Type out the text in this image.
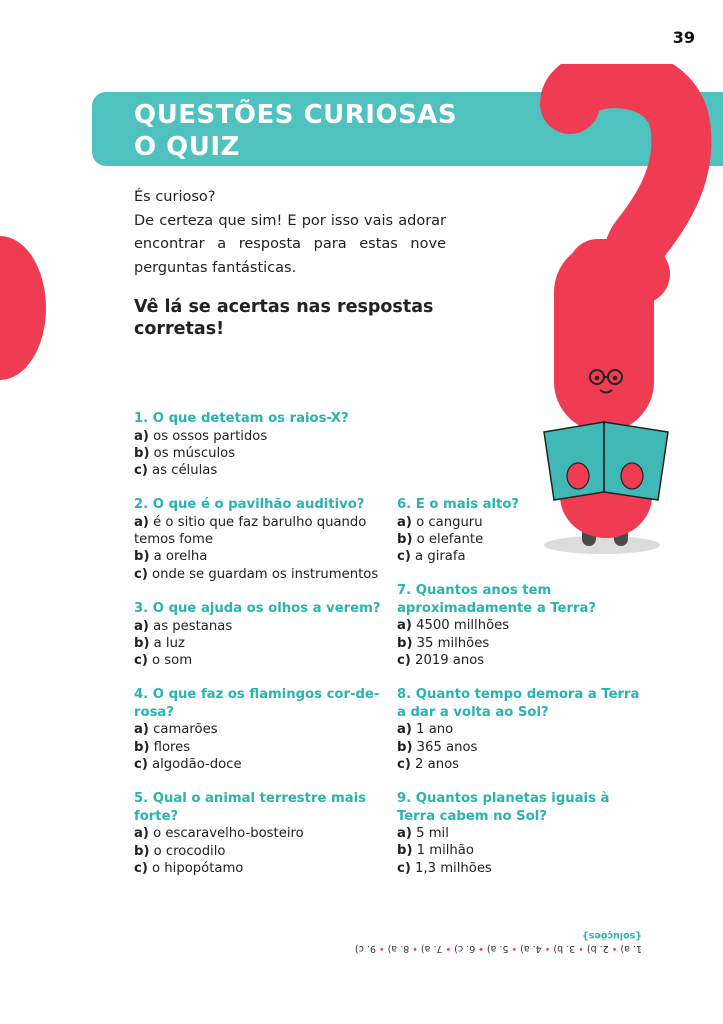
39
QUESTÕES CURIOSAS
O QUIZ

És curioso?

De certeza que sim! E por isso vais adorar encontrar a resposta para estas nove perguntas fantásticas.

Vê lá se acertas nas respostas corretas!

1. O que detetam os raios-X?

a) os ossos partidos

b) os músculos

c) as células

2. O que é o pavilhão auditivo?

a) é o sitio que faz barulho quando temos fome

b) a orelha

c) onde se guardam os instrumentos

3. O que ajuda os olhos a verem?

a) as pestanas

b) a luz

c) o som

4. O que faz os flamingos cor-de-rosa?

a) camarões

b) flores

c) algodão-doce

5. Qual o animal terrestre mais forte?

a) o escaravelho-bosteiro

b) o crocodilo

c) o hipopótamo

6. E o mais alto?

a) o canguru

b) o elefante

c) a girafa

7. Quantos anos tem aproximadamente a Terra?

a) 4500 millhões

b) 35 milhões

c) 2019 anos

8. Quanto tempo demora a Terra a dar a volta ao Sol?

a) 1 ano

b) 365 anos

c) 2 anos

9. Quantos planetas iguais à Terra cabem no Sol?

a) 5 mil

b) 1 milhão

c) 1,3 milhões

1. a) • 2. b) • 3. b) • 4. a) • 5. a) • 6. c) • 7. a) • 8. a) • 9. c)

{soluções}
